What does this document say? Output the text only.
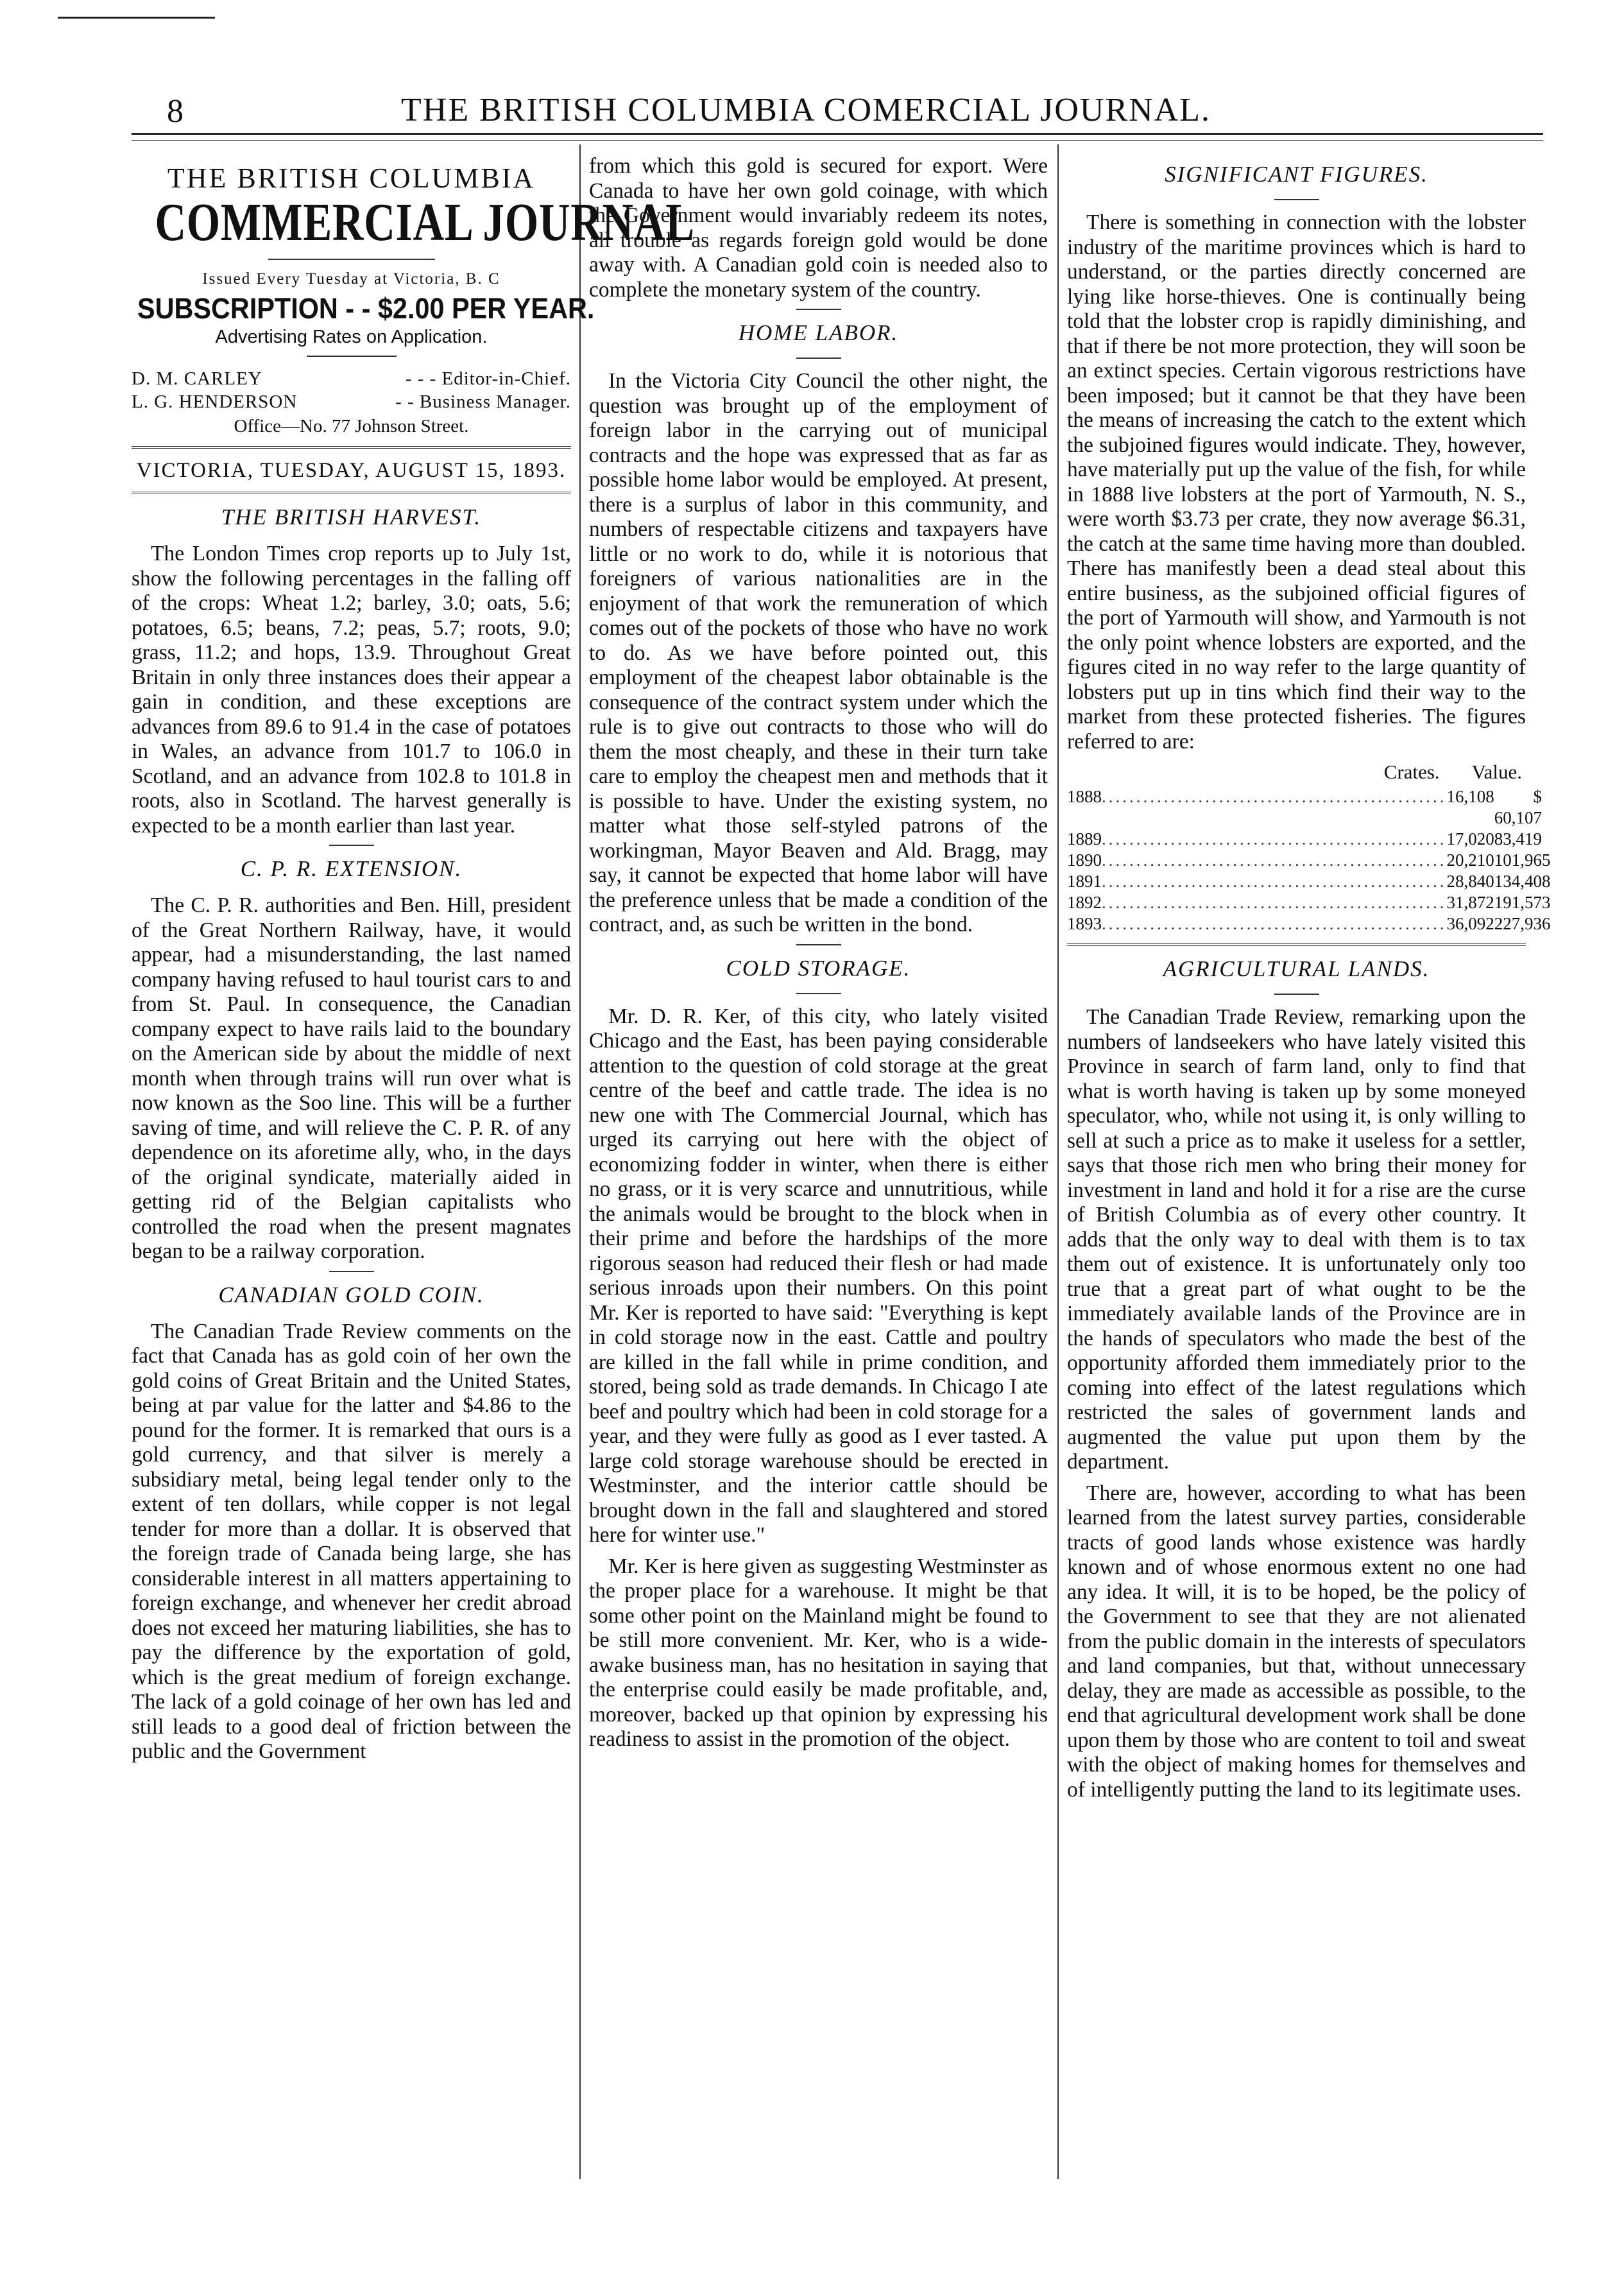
8	THE BRITISH COLUMBIA COMERCIAL JOURNAL.
THE BRITISH COLUMBIA
COMMERCIAL JOURNAL
Issued Every Tuesday at Victoria, B. C
SUBSCRIPTION - - $2.00 PER YEAR.
Advertising Rates on Application.
D. M. CARLEY	- - - Editor-in-Chief.
L. G. HENDERSON	- - Business Manager.
Office—No. 77 Johnson Street.
VICTORIA, TUESDAY, AUGUST 15, 1893.
THE BRITISH HARVEST.

The London Times crop reports up to July 1st, show the following percentages in the falling off of the crops: Wheat 1.2; barley, 3.0; oats, 5.6; potatoes, 6.5; beans, 7.2; peas, 5.7; roots, 9.0; grass, 11.2; and hops, 13.9. Throughout Great Britain in only three instances does their appear a gain in condition, and these exceptions are advances from 89.6 to 91.4 in the case of potatoes in Wales, an advance from 101.7 to 106.0 in Scotland, and an advance from 102.8 to 101.8 in roots, also in Scotland. The harvest generally is expected to be a month earlier than last year.

C. P. R. EXTENSION.

The C. P. R. authorities and Ben. Hill, president of the Great Northern Railway, have, it would appear, had a misunderstanding, the last named company having refused to haul tourist cars to and from St. Paul. In consequence, the Canadian company expect to have rails laid to the boundary on the American side by about the middle of next month when through trains will run over what is now known as the Soo line. This will be a further saving of time, and will relieve the C. P. R. of any dependence on its aforetime ally, who, in the days of the original syndicate, materially aided in getting rid of the Belgian capitalists who controlled the road when the present magnates began to be a railway corporation.

CANADIAN GOLD COIN.

The Canadian Trade Review comments on the fact that Canada has as gold coin of her own the gold coins of Great Britain and the United States, being at par value for the latter and $4.86 to the pound for the former. It is remarked that ours is a gold currency, and that silver is merely a subsidiary metal, being legal tender only to the extent of ten dollars, while copper is not legal tender for more than a dollar. It is observed that the foreign trade of Canada being large, she has considerable interest in all matters appertaining to foreign exchange, and whenever her credit abroad does not exceed her maturing liabilities, she has to pay the difference by the exportation of gold, which is the great medium of foreign exchange. The lack of a gold coinage of her own has led and still leads to a good deal of friction between the public and the Government

from which this gold is secured for export. Were Canada to have her own gold coinage, with which the Government would invariably redeem its notes, all trouble as regards foreign gold would be done away with. A Canadian gold coin is needed also to complete the monetary system of the country.

HOME LABOR.

In the Victoria City Council the other night, the question was brought up of the employment of foreign labor in the carrying out of municipal contracts and the hope was expressed that as far as possible home labor would be employed. At present, there is a surplus of labor in this community, and numbers of respectable citizens and taxpayers have little or no work to do, while it is notorious that foreigners of various nationalities are in the enjoyment of that work the remuneration of which comes out of the pockets of those who have no work to do. As we have before pointed out, this employment of the cheapest labor obtainable is the consequence of the contract system under which the rule is to give out contracts to those who will do them the most cheaply, and these in their turn take care to employ the cheapest men and methods that it is possible to have. Under the existing system, no matter what those self-styled patrons of the workingman, Mayor Beaven and Ald. Bragg, may say, it cannot be expected that home labor will have the preference unless that be made a condition of the contract, and, as such be written in the bond.

COLD STORAGE.

Mr. D. R. Ker, of this city, who lately visited Chicago and the East, has been paying considerable attention to the question of cold storage at the great centre of the beef and cattle trade. The idea is no new one with The Commercial Journal, which has urged its carrying out here with the object of economizing fodder in winter, when there is either no grass, or it is very scarce and unnutritious, while the animals would be brought to the block when in their prime and before the hardships of the more rigorous season had reduced their flesh or had made serious inroads upon their numbers. On this point Mr. Ker is reported to have said: "Everything is kept in cold storage now in the east. Cattle and poultry are killed in the fall while in prime condition, and stored, being sold as trade demands. In Chicago I ate beef and poultry which had been in cold storage for a year, and they were fully as good as I ever tasted. A large cold storage warehouse should be erected in Westminster, and the interior cattle should be brought down in the fall and slaughtered and stored here for winter use."

Mr. Ker is here given as suggesting Westminster as the proper place for a warehouse. It might be that some other point on the Mainland might be found to be still more convenient. Mr. Ker, who is a wide-awake business man, has no hesitation in saying that the enterprise could easily be made profitable, and, moreover, backed up that opinion by expressing his readiness to assist in the promotion of the object.

SIGNIFICANT FIGURES.

There is something in connection with the lobster industry of the maritime provinces which is hard to understand, or the parties directly concerned are lying like horse-thieves. One is continually being told that the lobster crop is rapidly diminishing, and that if there be not more protection, they will soon be an extinct species. Certain vigorous restrictions have been imposed; but it cannot be that they have been the means of increasing the catch to the extent which the subjoined figures would indicate. They, however, have materially put up the value of the fish, for while in 1888 live lobsters at the port of Yarmouth, N. S., were worth $3.73 per crate, they now average $6.31, the catch at the same time having more than doubled. There has manifestly been a dead steal about this entire business, as the subjoined official figures of the port of Yarmouth will show, and Yarmouth is not the only point whence lobsters are exported, and the figures cited in no way refer to the large quantity of lobsters put up in tins which find their way to the market from these protected fisheries. The figures referred to are:

Crates. Value.
1888 .................................................. 16,108	$ 60,107
1889 .................................................. 17,020 83,419
1890 .................................................. 20,210 101,965
1891 .................................................. 28,840 134,408
1892 .................................................. 31,872 191,573
1893 .................................................. 36,092 227,936
AGRICULTURAL LANDS.

The Canadian Trade Review, remarking upon the numbers of landseekers who have lately visited this Province in search of farm land, only to find that what is worth having is taken up by some moneyed speculator, who, while not using it, is only willing to sell at such a price as to make it useless for a settler, says that those rich men who bring their money for investment in land and hold it for a rise are the curse of British Columbia as of every other country. It adds that the only way to deal with them is to tax them out of existence. It is unfortunately only too true that a great part of what ought to be the immediately available lands of the Province are in the hands of speculators who made the best of the opportunity afforded them immediately prior to the coming into effect of the latest regulations which restricted the sales of government lands and augmented the value put upon them by the department.

There are, however, according to what has been learned from the latest survey parties, considerable tracts of good lands whose existence was hardly known and of whose enormous extent no one had any idea. It will, it is to be hoped, be the policy of the Government to see that they are not alienated from the public domain in the interests of speculators and land companies, but that, without unnecessary delay, they are made as accessible as possible, to the end that agricultural development work shall be done upon them by those who are content to toil and sweat with the object of making homes for themselves and of intelligently putting the land to its legitimate uses.
